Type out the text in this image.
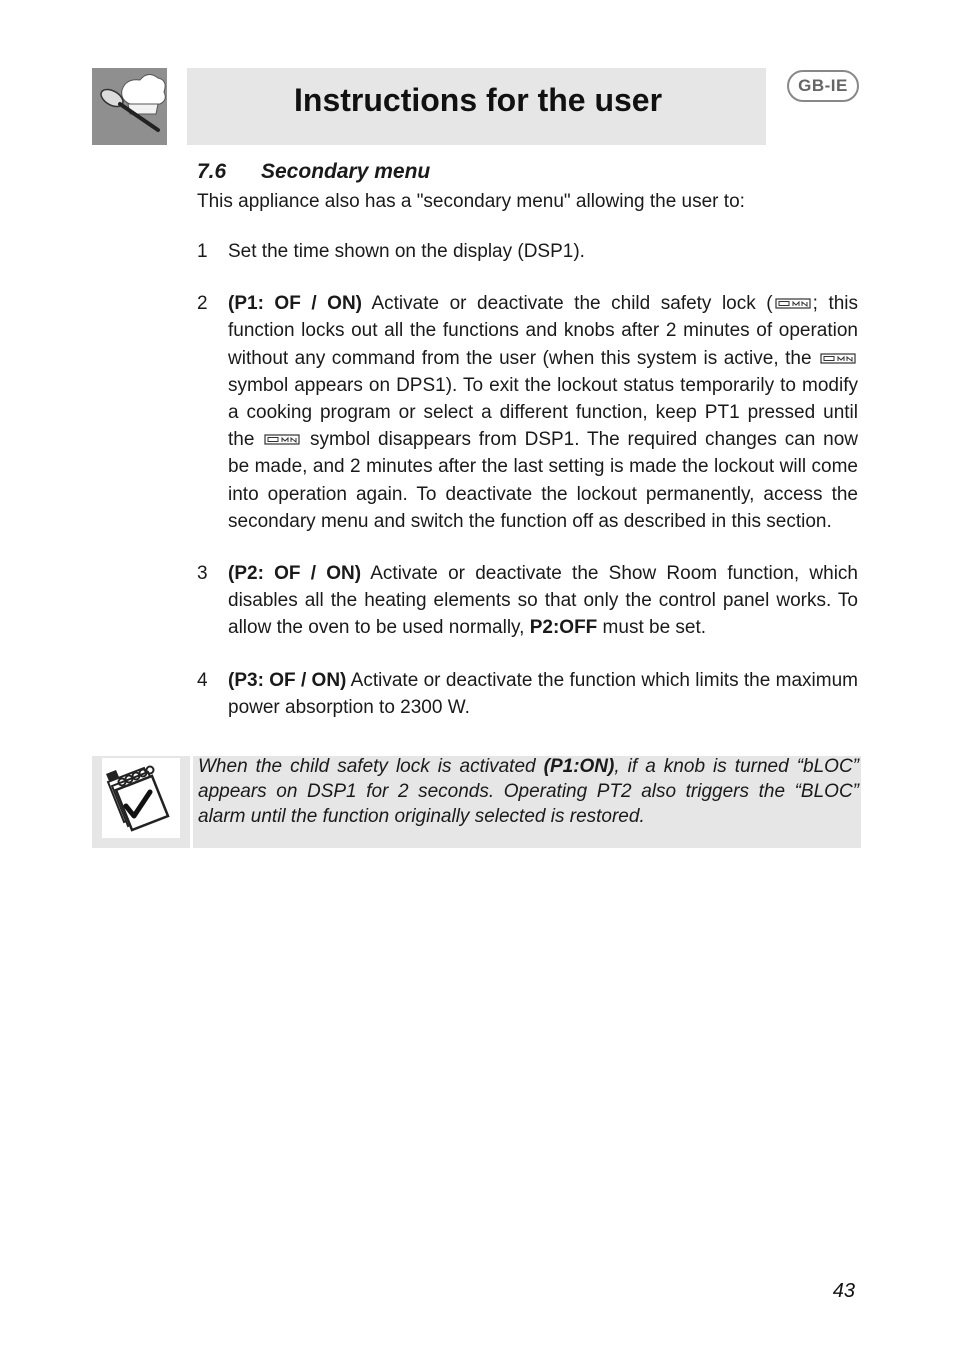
Instructions for the user	GB-IE
7.6 Secondary menu

This appliance also has a "secondary menu" allowing the user to:

1	Set the time shown on the display (DSP1).
2	(P1: OF / ON) Activate or deactivate the child safety lock ( ; this function locks out all the functions and knobs after 2 minutes of operation without any command from the user (when this system is active, the  symbol appears on DPS1). To exit the lockout status temporarily to modify a cooking program or select a different function, keep PT1 pressed until the  symbol disappears from DSP1. The required changes can now be made, and 2 minutes after the last setting is made the lockout will come into operation again. To deactivate the lockout permanently, access the secondary menu and switch the function off as described in this section.
3	(P2: OF / ON) Activate or deactivate the Show Room function, which disables all the heating elements so that only the control panel works. To allow the oven to be used normally, P2:OFF must be set.
4	(P3: OF / ON) Activate or deactivate the function which limits the maximum power absorption to 2300 W.

When the child safety lock is activated (P1:ON), if a knob is turned “bLOC” appears on DSP1 for 2 seconds. Operating PT2 also triggers the “BLOC” alarm until the function originally selected is restored.

43
